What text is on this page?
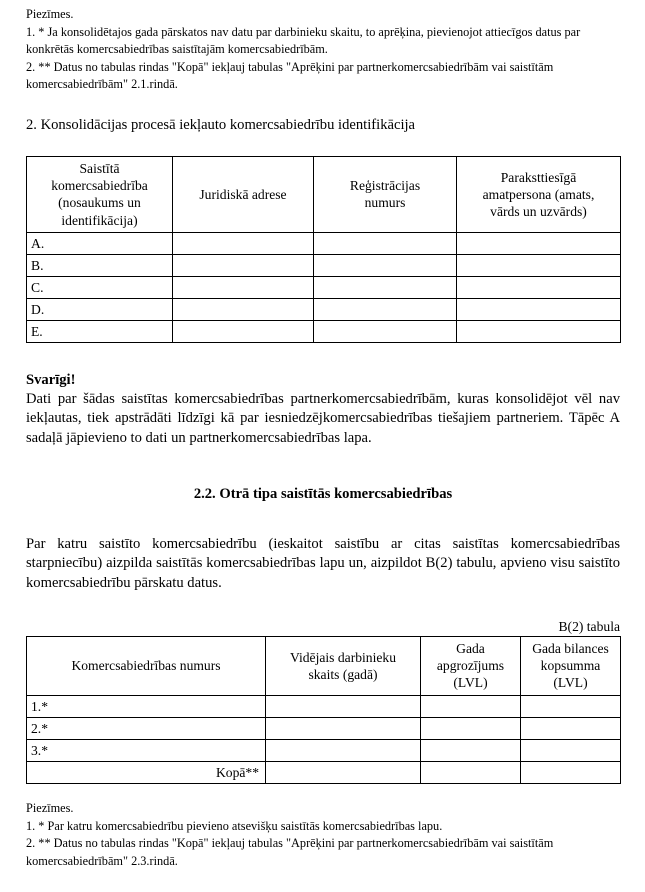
Piezīmes.
1. * Ja konsolidētajos gada pārskatos nav datu par darbinieku skaitu, to aprēķina, pievienojot attiecīgos datus par konkrētās komercsabiedrības saistītajām komercsabiedrībām.
2. ** Datus no tabulas rindas "Kopā" iekļauj tabulas "Aprēķini par partnerkomercsabiedrībām vai saistītām komercsabiedrībām" 2.1.rindā.
2. Konsolidācijas procesā iekļauto komercsabiedrību identifikācija
Saistītā
komercsabiedrība
(nosaukums un
identifikācija)	Juridiskā adrese	Reģistrācijas
numurs	Paraksttiesīgā
amatpersona (amats,
vārds un uzvārds)
A.			
B.			
C.			
D.			
E.			
Svarīgi!
Dati par šādas saistītas komercsabiedrības partnerkomercsabiedrībām, kuras konsolidējot vēl nav iekļautas, tiek apstrādāti līdzīgi kā par iesniedzējkomercsabiedrības tiešajiem partneriem. Tāpēc A sadaļā jāpievieno to dati un partnerkomercsabiedrības lapa.
2.2. Otrā tipa saistītās komercsabiedrības
Par katru saistīto komercsabiedrību (ieskaitot saistību ar citas saistītas komercsabiedrības starpniecību) aizpilda saistītās komercsabiedrības lapu un, aizpildot B(2) tabulu, apvieno visu saistīto komercsabiedrību pārskatu datus.
B(2) tabula
Komercsabiedrības numurs	Vidējais darbinieku
skaits (gadā)	Gada
apgrozījums
(LVL)	Gada bilances
kopsumma
(LVL)
1.*			
2.*			
3.*			
Kopā**			
Piezīmes.
1. * Par katru komercsabiedrību pievieno atsevišķu saistītās komercsabiedrības lapu.
2. ** Datus no tabulas rindas "Kopā" iekļauj tabulas "Aprēķini par partnerkomercsabiedrībām vai saistītām komercsabiedrībām" 2.3.rindā.
